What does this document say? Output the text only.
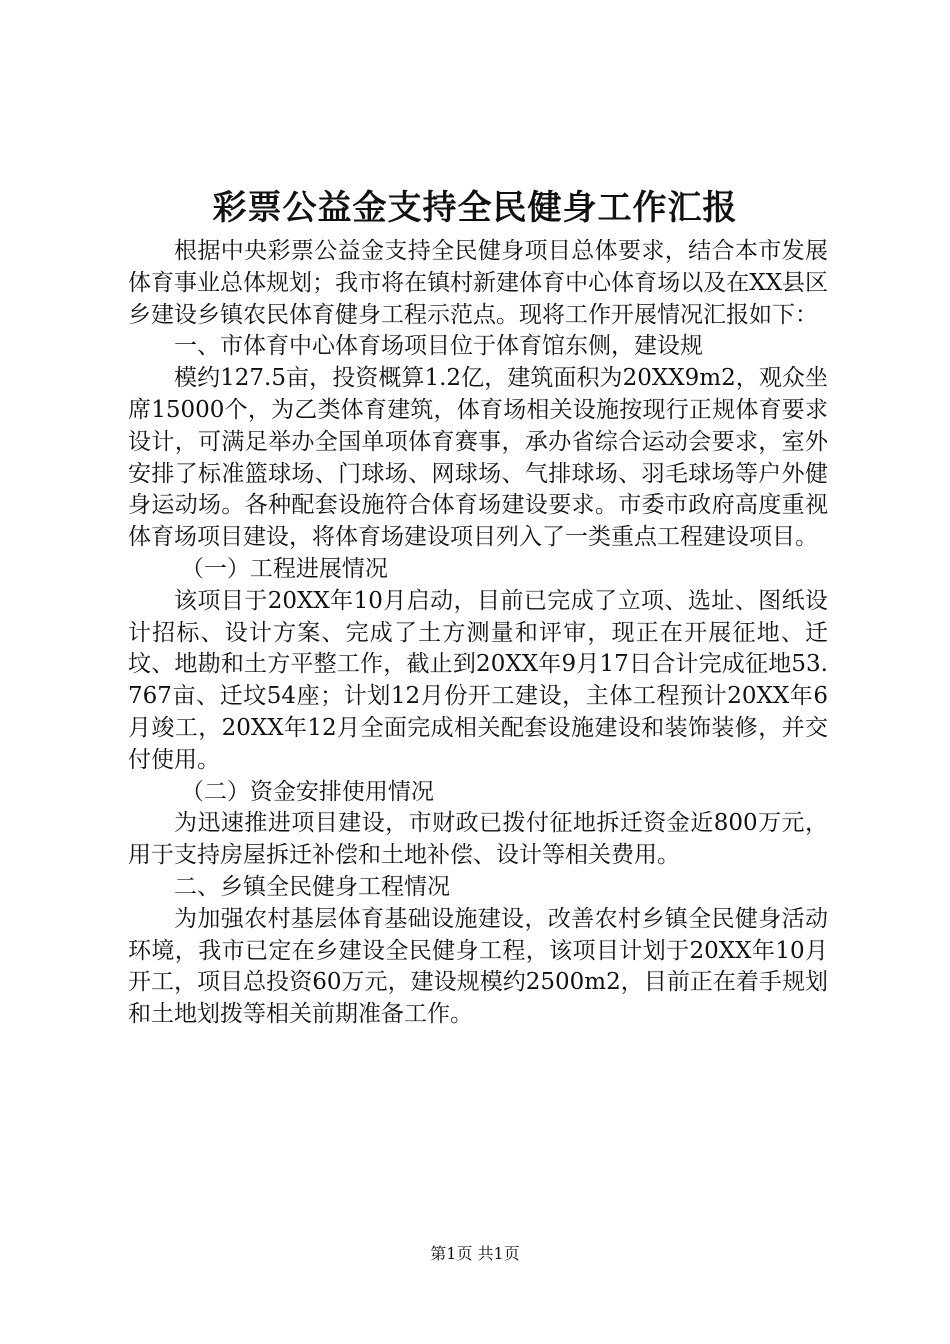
彩票公益金支持全民健身工作汇报

根据中央彩票公益金支持全民健身项目总体要求，结合本市发展体育事业总体规划；我市将在镇村新建体育中心体育场以及在XX县区乡建设乡镇农民体育健身工程示范点。现将工作开展情况汇报如下：

一、市体育中心体育场项目位于体育馆东侧，建设规

模约127.5亩，投资概算1.2亿，建筑面积为20XX9m2，观众坐席15000个，为乙类体育建筑，体育场相关设施按现行正规体育要求设计，可满足举办全国单项体育赛事，承办省综合运动会要求，室外安排了标准篮球场、门球场、网球场、气排球场、羽毛球场等户外健身运动场。各种配套设施符合体育场建设要求。市委市政府高度重视体育场项目建设，将体育场建设项目列入了一类重点工程建设项目。

（一）工程进展情况

该项目于20XX年10月启动，目前已完成了立项、选址、图纸设计招标、设计方案、完成了土方测量和评审，现正在开展征地、迁坟、地勘和土方平整工作，截止到20XX年9月17日合计完成征地53.767亩、迁坟54座；计划12月份开工建设，主体工程预计20XX年6月竣工，20XX年12月全面完成相关配套设施建设和装饰装修，并交付使用。

（二）资金安排使用情况

为迅速推进项目建设，市财政已拨付征地拆迁资金近800万元，用于支持房屋拆迁补偿和土地补偿、设计等相关费用。

二、乡镇全民健身工程情况

为加强农村基层体育基础设施建设，改善农村乡镇全民健身活动环境，我市已定在乡建设全民健身工程，该项目计划于20XX年10月开工，项目总投资60万元，建设规模约2500m2，目前正在着手规划和土地划拨等相关前期准备工作。

第1页 共1页
